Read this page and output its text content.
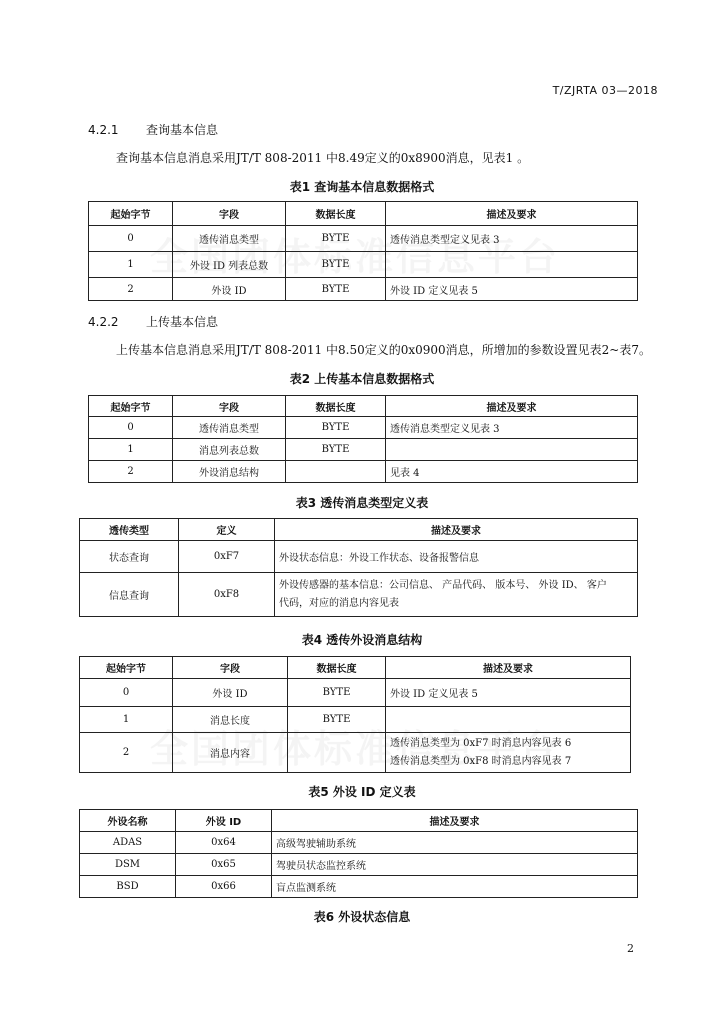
T/ZJRTA 03—2018
4.2.1 查询基本信息
查询基本信息消息采用JT/T 808-2011 中8.49定义的0x8900消息，见表1 。
表1 查询基本信息数据格式
起始字节	字段	数据长度	描述及要求
0	透传消息类型	BYTE	透传消息类型定义见表 3
1	外设 ID 列表总数	BYTE	
2	外设 ID	BYTE	外设 ID 定义见表 5
4.2.2 上传基本信息
上传基本信息消息采用JT/T 808-2011 中8.50定义的0x0900消息，所增加的参数设置见表2~表7。
表2 上传基本信息数据格式
起始字节	字段	数据长度	描述及要求
0	透传消息类型	BYTE	透传消息类型定义见表 3
1	消息列表总数	BYTE	
2	外设消息结构		见表 4
表3 透传消息类型定义表
透传类型	定义	描述及要求
状态查询	0xF7	外设状态信息：外设工作状态、设备报警信息
信息查询	0xF8	外设传感器的基本信息：公司信息、 产品代码、 版本号、 外设 ID、 客户
代码，对应的消息内容见表
表4 透传外设消息结构
起始字节	字段	数据长度	描述及要求
0	外设 ID	BYTE	外设 ID 定义见表 5
1	消息长度	BYTE	
2	消息内容		透传消息类型为 0xF7 时消息内容见表 6
透传消息类型为 0xF8 时消息内容见表 7
表5 外设 ID 定义表
外设名称	外设 ID	描述及要求
ADAS	0x64	高级驾驶辅助系统
DSM	0x65	驾驶员状态监控系统
BSD	0x66	盲点监测系统
表6 外设状态信息
2
